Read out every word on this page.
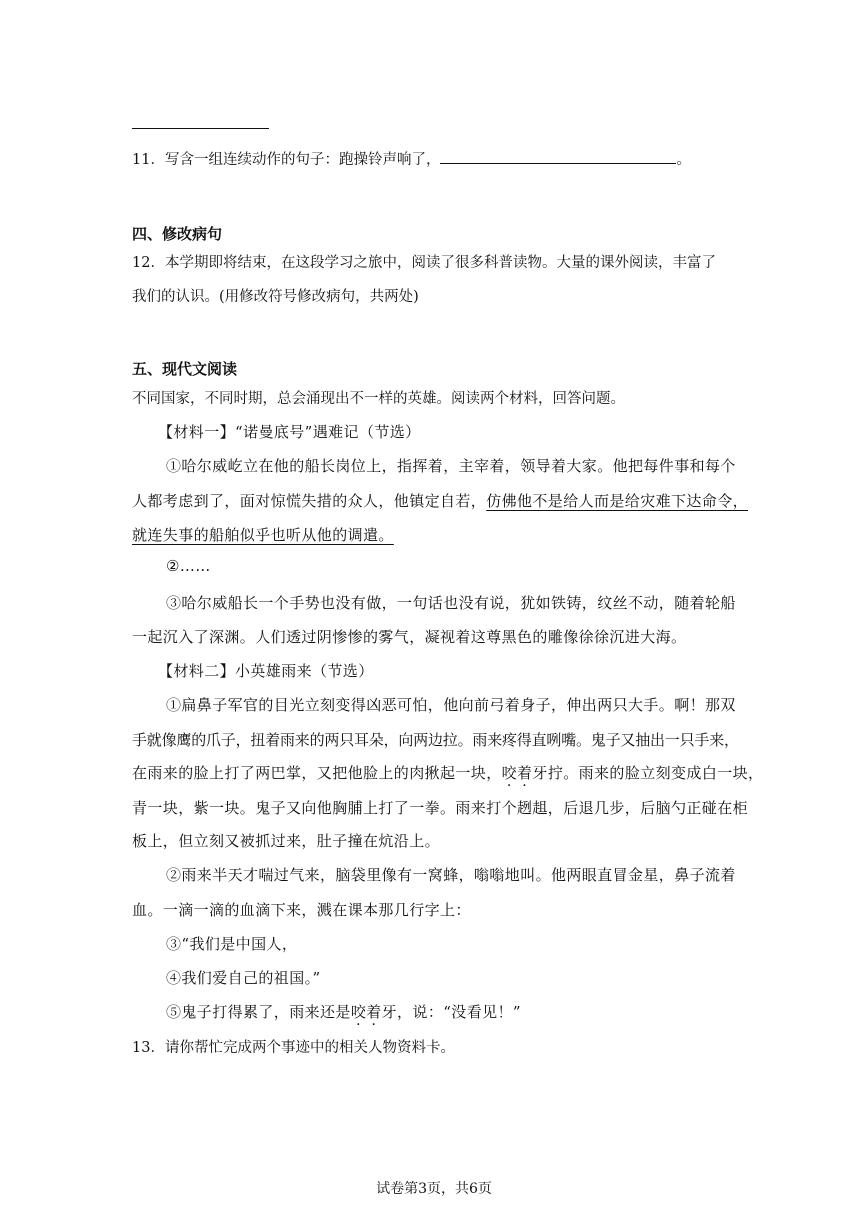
11．写含一组连续动作的句子：跑操铃声响了，	。
四、修改病句
12．本学期即将结束，在这段学习之旅中，阅读了很多科普读物。大量的课外阅读，丰富了
我们的认识。(用修改符号修改病句，共两处)
五、现代文阅读
不同国家，不同时期，总会涌现出不一样的英雄。阅读两个材料，回答问题。
【材料一】“诺曼底号”遇难记（节选）
①哈尔威屹立在他的船长岗位上，指挥着，主宰着，领导着大家。他把每件事和每个
人都考虑到了，面对惊慌失措的众人，他镇定自若，仿佛他不是给人而是给灾难下达命令，
就连失事的船舶似乎也听从他的调遣。
②……
③哈尔威船长一个手势也没有做，一句话也没有说，犹如铁铸，纹丝不动，随着轮船
一起沉入了深渊。人们透过阴惨惨的雾气，凝视着这尊黑色的雕像徐徐沉进大海。
【材料二】小英雄雨来（节选）
①扁鼻子军官的目光立刻变得凶恶可怕，他向前弓着身子，伸出两只大手。啊！那双
手就像鹰的爪子，扭着雨来的两只耳朵，向两边拉。雨来疼得直咧嘴。鬼子又抽出一只手来，
在雨来的脸上打了两巴掌，又把他脸上的肉揪起一块，咬着牙拧。雨来的脸立刻变成白一块，
青一块，紫一块。鬼子又向他胸脯上打了一拳。雨来打个趔趄，后退几步，后脑勺正碰在柜
板上，但立刻又被抓过来，肚子撞在炕沿上。
②雨来半天才喘过气来，脑袋里像有一窝蜂，嗡嗡地叫。他两眼直冒金星，鼻子流着
血。一滴一滴的血滴下来，溅在课本那几行字上：
③“我们是中国人，
④我们爱自己的祖国。”
⑤鬼子打得累了，雨来还是咬着牙，说：“没看见！”
13．请你帮忙完成两个事迹中的相关人物资料卡。
试卷第3页，共6页
